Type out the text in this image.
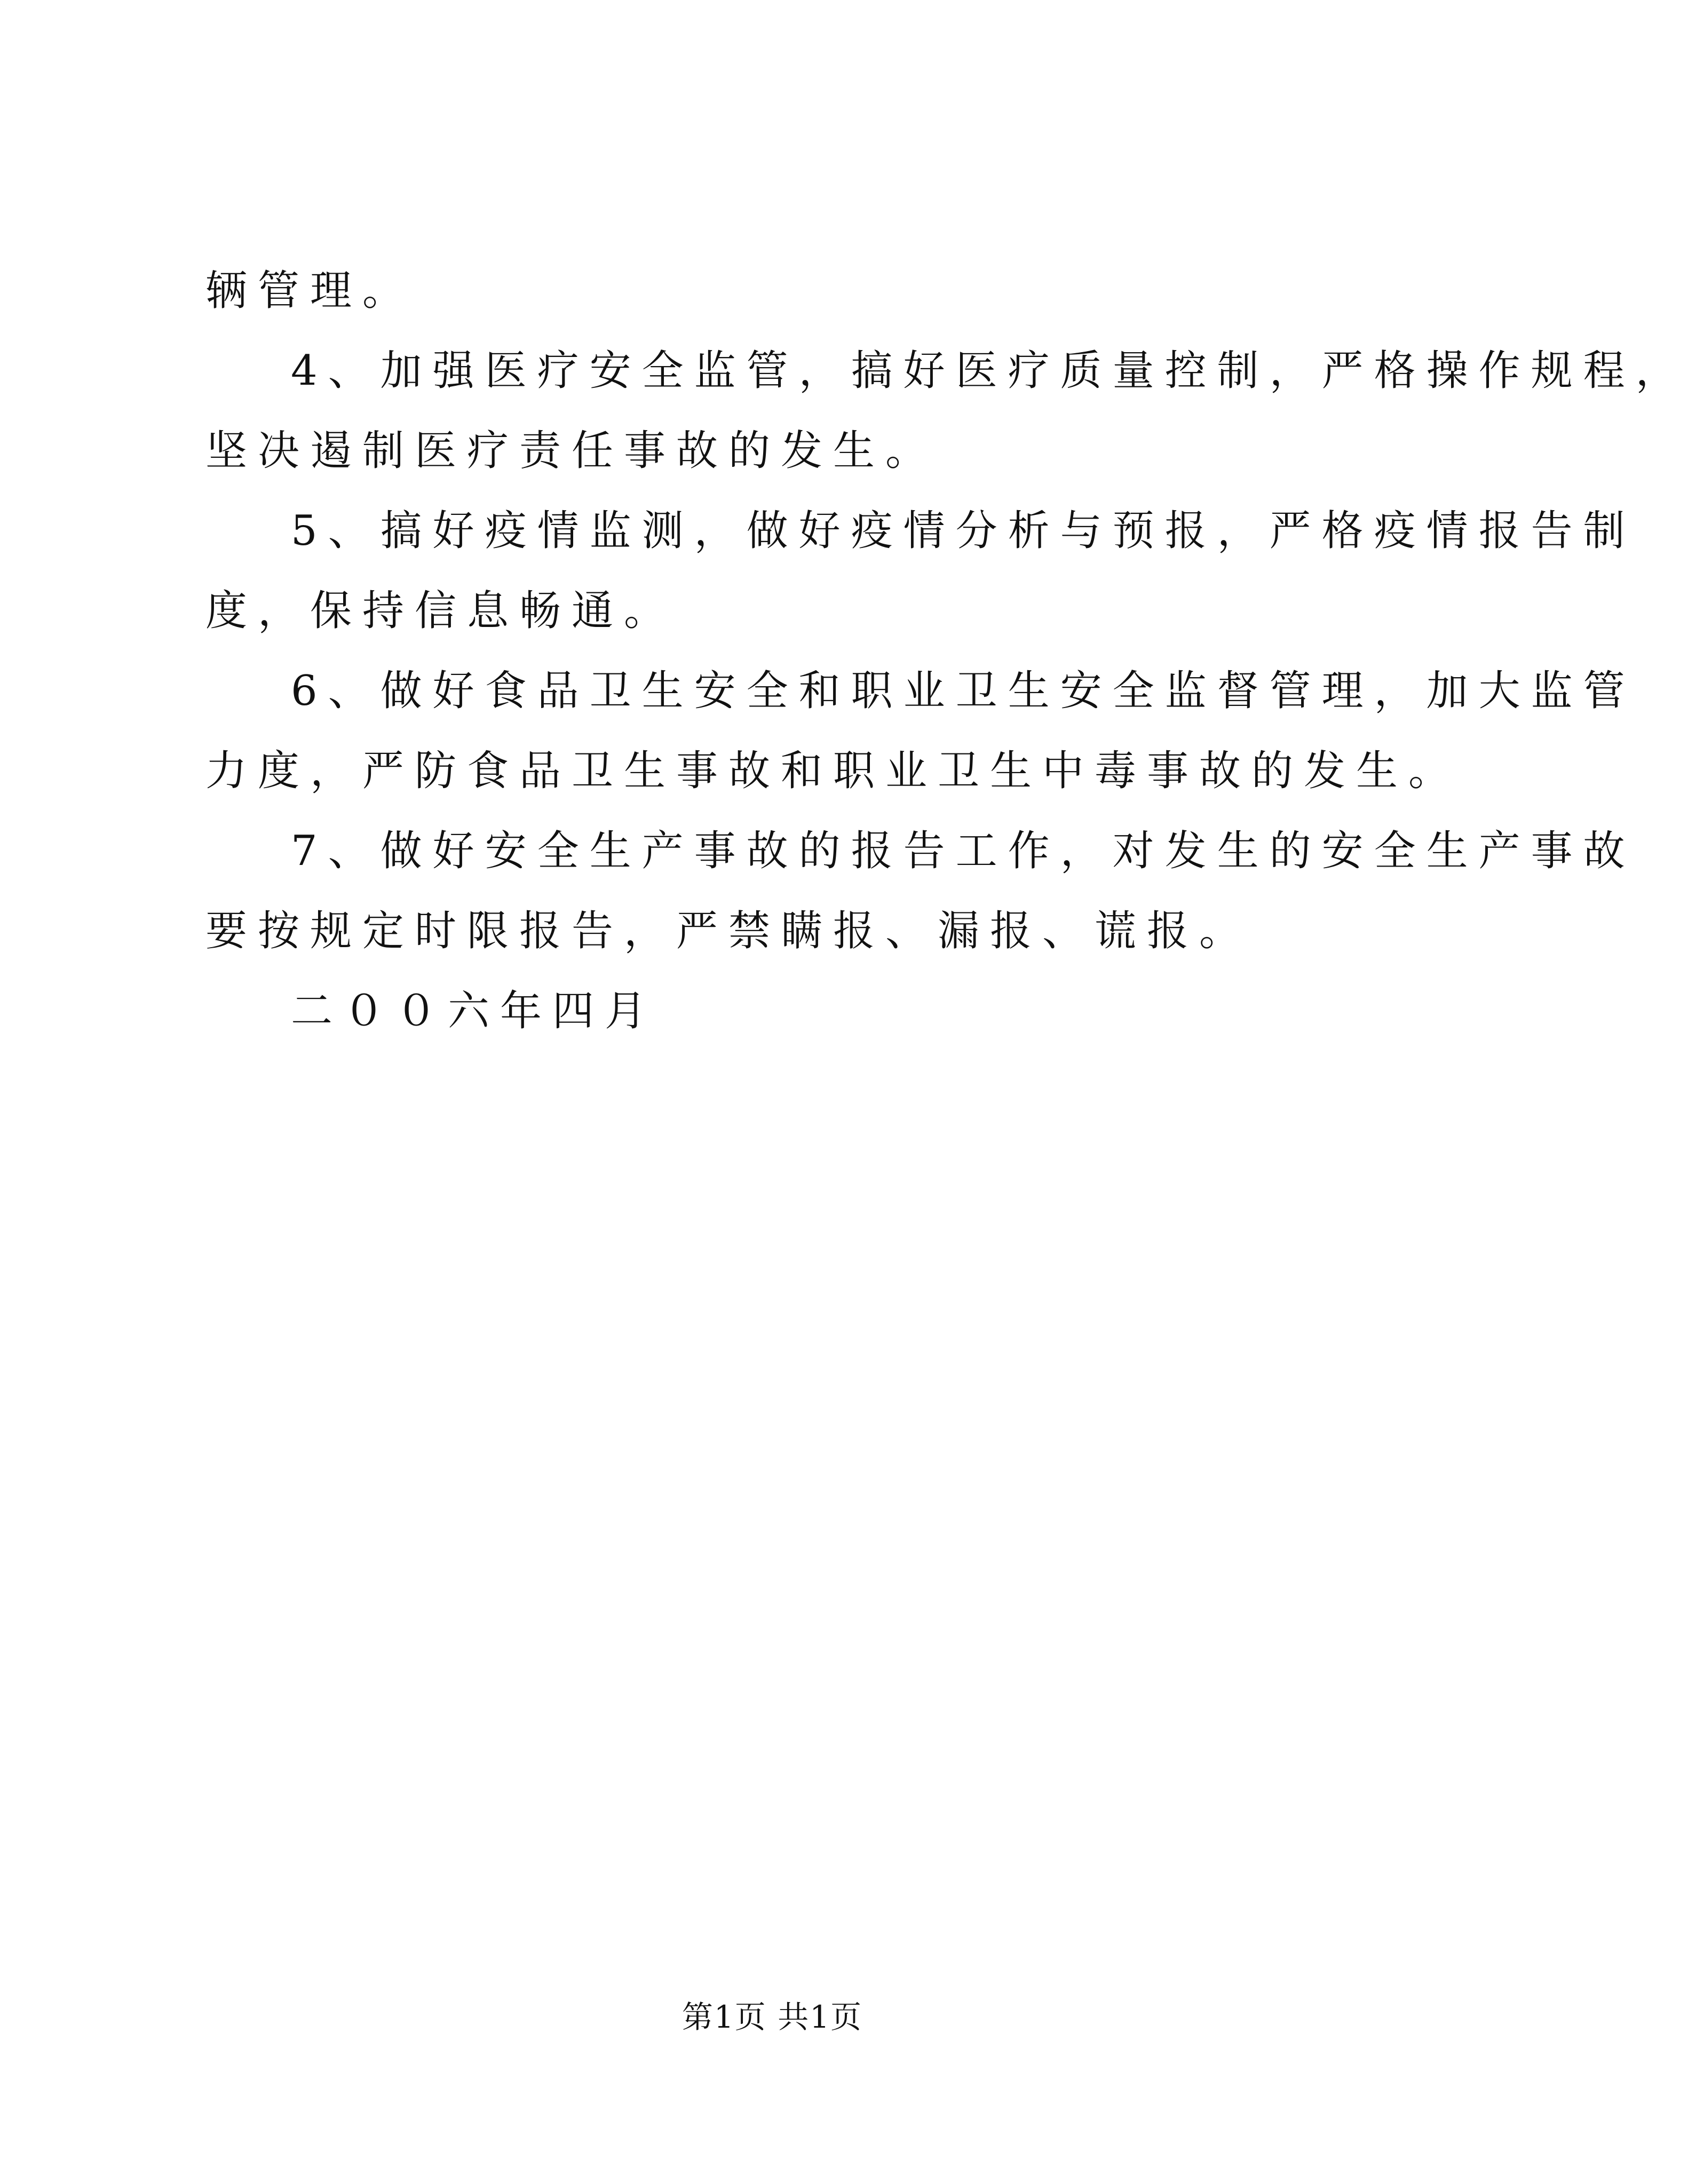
辆管理。
4、加强医疗安全监管，搞好医疗质量控制，严格操作规程，
坚决遏制医疗责任事故的发生。
5、搞好疫情监测，做好疫情分析与预报，严格疫情报告制
度，保持信息畅通。
6、做好食品卫生安全和职业卫生安全监督管理，加大监管
力度，严防食品卫生事故和职业卫生中毒事故的发生。
7、做好安全生产事故的报告工作，对发生的安全生产事故
要按规定时限报告，严禁瞒报、漏报、谎报。
二００六年四月
第1页 共1页
